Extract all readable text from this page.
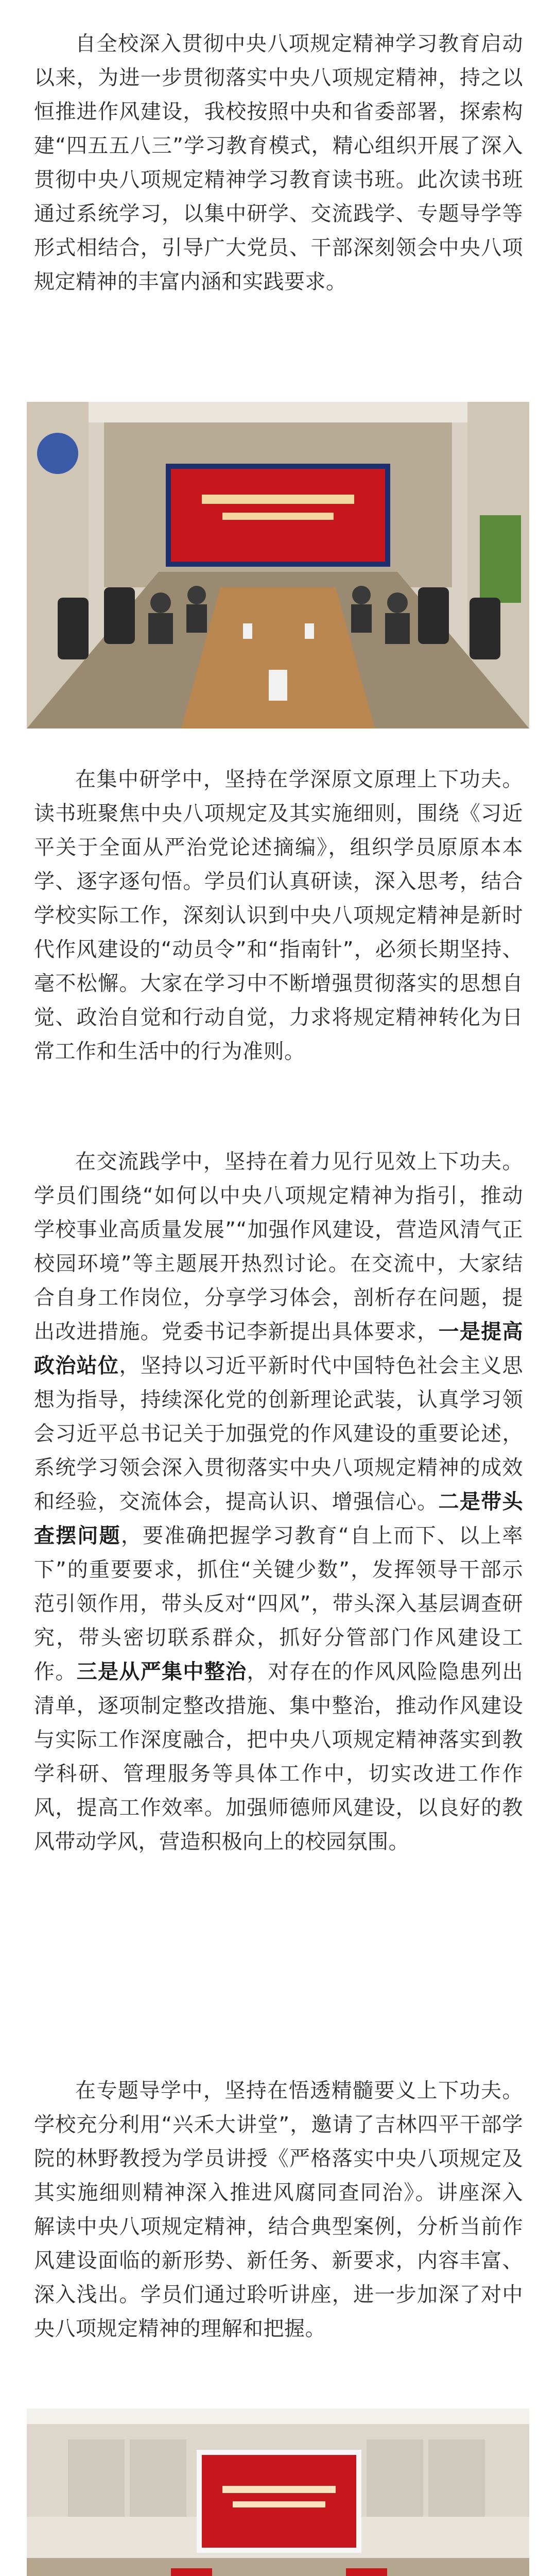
自全校深入贯彻中央八项规定精神学习教育启动以来，为进一步贯彻落实中央八项规定精神，持之以恒推进作风建设，我校按照中央和省委部署，探索构建“四五五八三”学习教育模式，精心组织开展了深入贯彻中央八项规定精神学习教育读书班。此次读书班通过系统学习，以集中研学、交流践学、专题导学等形式相结合，引导广大党员、干部深刻领会中央八项规定精神的丰富内涵和实践要求。

在集中研学中，坚持在学深原文原理上下功夫。读书班聚焦中央八项规定及其实施细则，围绕《习近平关于全面从严治党论述摘编》，组织学员原原本本学、逐字逐句悟。学员们认真研读，深入思考，结合学校实际工作，深刻认识到中央八项规定精神是新时代作风建设的“动员令”和“指南针”，必须长期坚持、毫不松懈。大家在学习中不断增强贯彻落实的思想自觉、政治自觉和行动自觉，力求将规定精神转化为日常工作和生活中的行为准则。

在交流践学中，坚持在着力见行见效上下功夫。学员们围绕“如何以中央八项规定精神为指引，推动学校事业高质量发展”“加强作风建设，营造风清气正校园环境”等主题展开热烈讨论。在交流中，大家结合自身工作岗位，分享学习体会，剖析存在问题，提出改进措施。党委书记李新提出具体要求，一是提高政治站位，坚持以习近平新时代中国特色社会主义思想为指导，持续深化党的创新理论武装，认真学习领会习近平总书记关于加强党的作风建设的重要论述，系统学习领会深入贯彻落实中央八项规定精神的成效和经验，交流体会，提高认识、增强信心。二是带头查摆问题，要准确把握学习教育“自上而下、以上率下”的重要要求，抓住“关键少数”，发挥领导干部示范引领作用，带头反对“四风”，带头深入基层调查研究，带头密切联系群众，抓好分管部门作风建设工作。三是从严集中整治，对存在的作风风险隐患列出清单，逐项制定整改措施、集中整治，推动作风建设与实际工作深度融合，把中央八项规定精神落实到教学科研、管理服务等具体工作中，切实改进工作作风，提高工作效率。加强师德师风建设，以良好的教风带动学风，营造积极向上的校园氛围。

在专题导学中，坚持在悟透精髓要义上下功夫。学校充分利用“兴禾大讲堂”，邀请了吉林四平干部学院的林野教授为学员讲授《严格落实中央八项规定及其实施细则精神深入推进风腐同查同治》。讲座深入解读中央八项规定精神，结合典型案例，分析当前作风建设面临的新形势、新任务、新要求，内容丰富、深入浅出。学员们通过聆听讲座，进一步加深了对中央八项规定精神的理解和把握。
